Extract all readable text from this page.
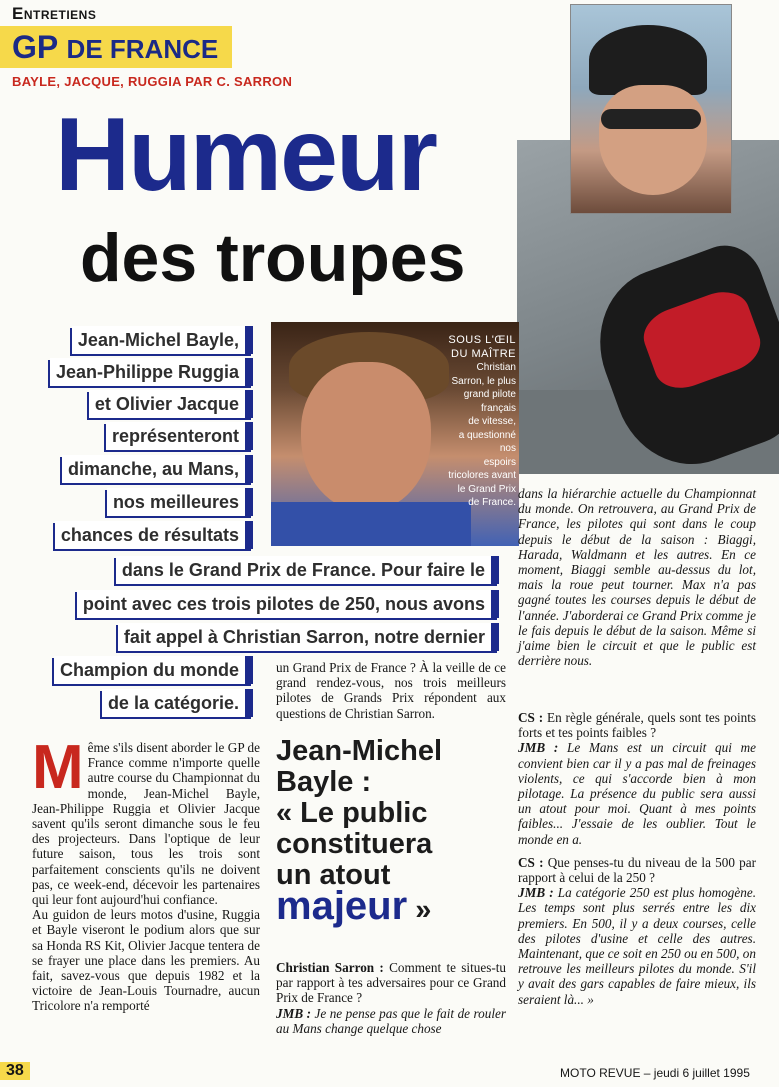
Entretiens
GP DE FRANCE
BAYLE, JACQUE, RUGGIA PAR C. SARRON
Humeur
des troupes
SOUS L'ŒIL
DU MAÎTRE
Christian
Sarron, le plus
grand pilote
français
de vitesse,
a questionné
nos
espoirs
tricolores avant
le Grand Prix
de France.
Jean-Michel Bayle,
Jean-Philippe Ruggia
et Olivier Jacque
représenteront
dimanche, au Mans,
nos meilleures
chances de résultats
dans le Grand Prix de France. Pour faire le
point avec ces trois pilotes de 250, nous avons
fait appel à Christian Sarron, notre dernier
Champion du monde
de la catégorie.
M ême s'ils disent aborder le GP de France comme n'importe quelle autre course du Championnat du monde, Jean-Michel Bayle, Jean-Philippe Ruggia et Olivier Jacque savent qu'ils seront dimanche sous le feu des projecteurs. Dans l'optique de leur future saison, tous les trois sont parfaitement conscients qu'ils ne doivent pas, ce week-end, décevoir les partenaires qui leur font aujourd'hui confiance.

Au guidon de leurs motos d'usine, Ruggia et Bayle viseront le podium alors que sur sa Honda RS Kit, Olivier Jacque tentera de se frayer une place dans les premiers. Au fait, savez-vous que depuis 1982 et la victoire de Jean-Louis Tournadre, aucun Tricolore n'a remporté

un Grand Prix de France ? À la veille de ce grand rendez-vous, nos trois meilleurs pilotes de Grands Prix répondent aux questions de Christian Sarron.

Jean-Michel
Bayle :
« Le public
constituera
un atout
majeur »

Christian Sarron : Comment te situes-tu par rapport à tes adversaires pour ce Grand Prix de France ?

JMB : Je ne pense pas que le fait de rouler au Mans change quelque chose

dans la hiérarchie actuelle du Championnat du monde. On retrouvera, au Grand Prix de France, les pilotes qui sont dans le coup depuis le début de la saison : Biaggi, Harada, Waldmann et les autres. En ce moment, Biaggi semble au-dessus du lot, mais la roue peut tourner. Max n'a pas gagné toutes les courses depuis le début de l'année. J'aborderai ce Grand Prix comme je le fais depuis le début de la saison. Même si j'aime bien le circuit et que le public est derrière nous.

CS : En règle générale, quels sont tes points forts et tes points faibles ?

JMB : Le Mans est un circuit qui me convient bien car il y a pas mal de freinages violents, ce qui s'accorde bien à mon pilotage. La présence du public sera aussi un atout pour moi. Quant à mes points faibles... J'essaie de les oublier. Tout le monde en a.

CS : Que penses-tu du niveau de la 500 par rapport à celui de la 250 ?

JMB : La catégorie 250 est plus homogène. Les temps sont plus serrés entre les dix premiers. En 500, il y a deux courses, celle des pilotes d'usine et celle des autres. Maintenant, que ce soit en 250 ou en 500, on retrouve les meilleurs pilotes du monde. S'il y avait des gars capables de faire mieux, ils seraient là... »

38	MOTO REVUE – jeudi 6 juillet 1995
